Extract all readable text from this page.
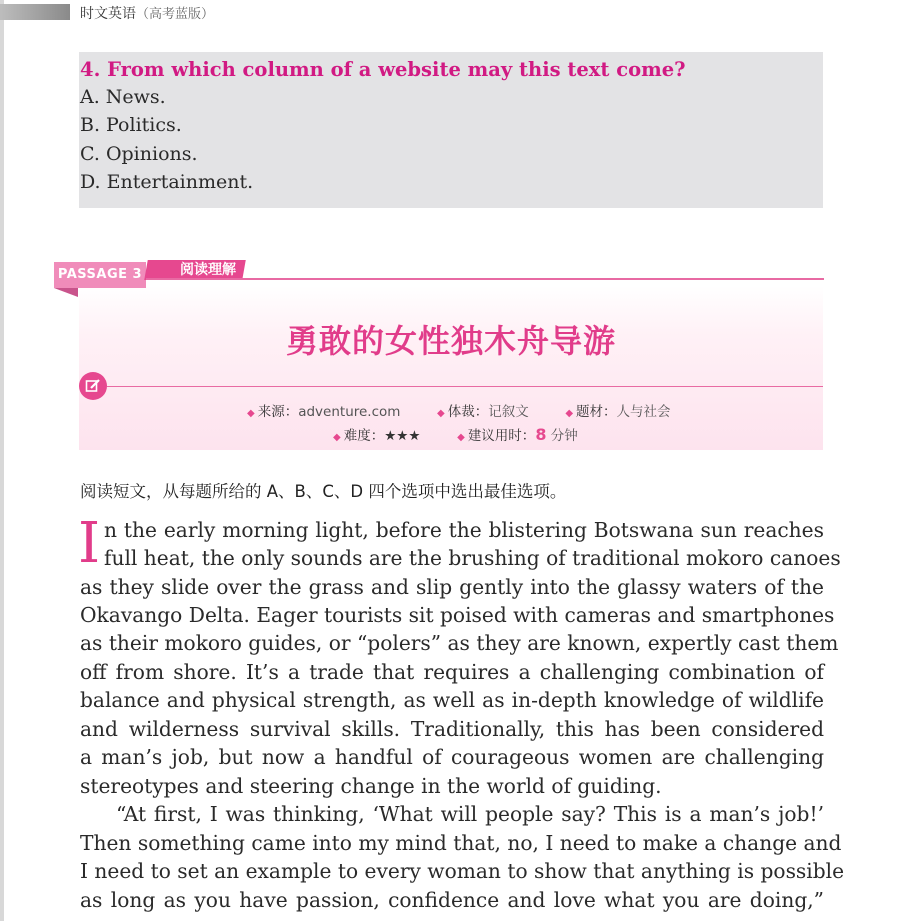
时文英语（高考蓝版）
4. From which column of a website may this text come?
A. News.
B. Politics.
C. Opinions.
D. Entertainment.
勇敢的女性独木舟导游
PASSAGE 3	阅读理解
◆ 来源：adventure.com	◆ 体裁：记叙文	◆ 题材：人与社会
◆ 难度：★★★	◆ 建议用时：8 分钟
阅读短文，从每题所给的 A、B、C、D 四个选项中选出最佳选项。
I n the early morning light, before the blistering Botswana sun reaches
full heat, the only sounds are the brushing of traditional mokoro canoes
as they slide over the grass and slip gently into the glassy waters of the
Okavango Delta. Eager tourists sit poised with cameras and smartphones
as their mokoro guides, or “polers” as they are known, expertly cast them
off from shore. It’s a trade that requires a challenging combination of
balance and physical strength, as well as in-depth knowledge of wildlife
and wilderness survival skills. Traditionally, this has been considered
a man’s job, but now a handful of courageous women are challenging
stereotypes and steering change in the world of guiding.
“At first, I was thinking, ‘What will people say? This is a man’s job!’
Then something came into my mind that, no, I need to make a change and
I need to set an example to every woman to show that anything is possible
as long as you have passion, confidence and love what you are doing,”
